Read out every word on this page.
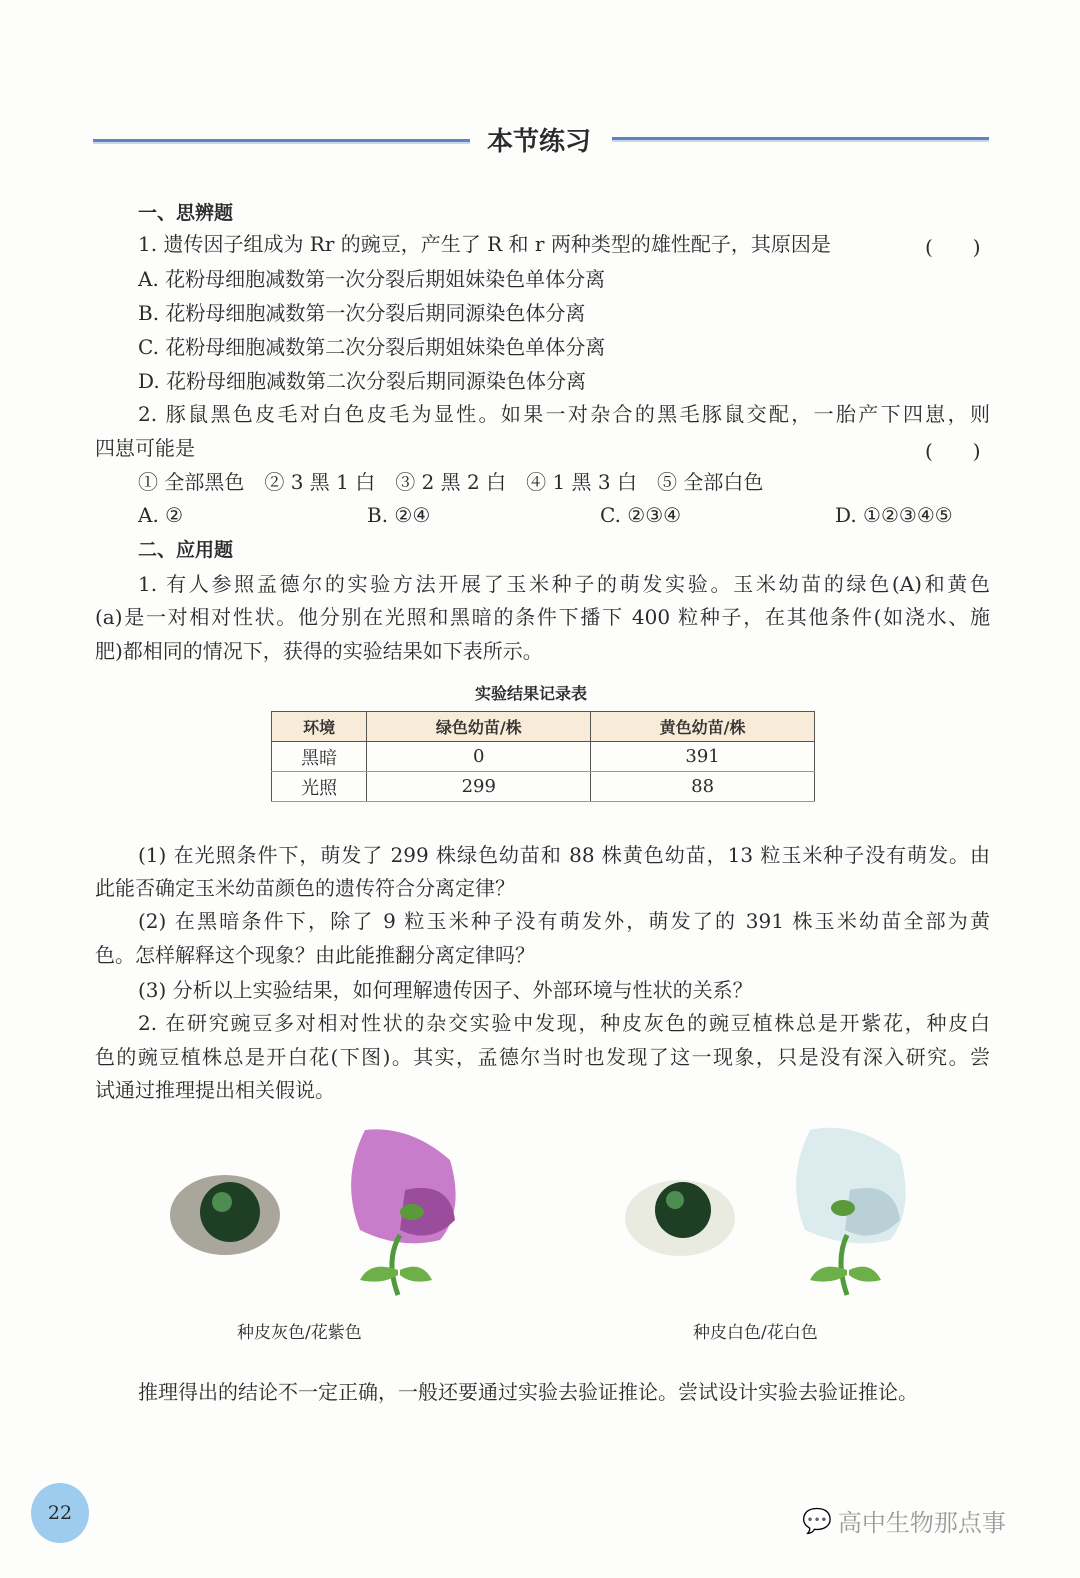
本节练习
一、思辨题
1. 遗传因子组成为 Rr 的豌豆，产生了 R 和 r 两种类型的雄性配子，其原因是	(　　)
A. 花粉母细胞减数第一次分裂后期姐妹染色单体分离
B. 花粉母细胞减数第一次分裂后期同源染色体分离
C. 花粉母细胞减数第二次分裂后期姐妹染色单体分离
D. 花粉母细胞减数第二次分裂后期同源染色体分离
2. 豚鼠黑色皮毛对白色皮毛为显性。如果一对杂合的黑毛豚鼠交配，一胎产下四崽，则
四崽可能是	(　　)
① 全部黑色　② 3 黑 1 白　③ 2 黑 2 白　④ 1 黑 3 白　⑤ 全部白色
A. ②	B. ②④	C. ②③④	D. ①②③④⑤
二、应用题
1. 有人参照孟德尔的实验方法开展了玉米种子的萌发实验。玉米幼苗的绿色(A)和黄色
(a)是一对相对性状。他分别在光照和黑暗的条件下播下 400 粒种子，在其他条件(如浇水、施
肥)都相同的情况下，获得的实验结果如下表所示。
实验结果记录表
环境	绿色幼苗/株	黄色幼苗/株
黑暗	0	391
光照	299	88
(1) 在光照条件下，萌发了 299 株绿色幼苗和 88 株黄色幼苗，13 粒玉米种子没有萌发。由
此能否确定玉米幼苗颜色的遗传符合分离定律？
(2) 在黑暗条件下，除了 9 粒玉米种子没有萌发外，萌发了的 391 株玉米幼苗全部为黄
色。怎样解释这个现象？由此能推翻分离定律吗？
(3) 分析以上实验结果，如何理解遗传因子、外部环境与性状的关系？
2. 在研究豌豆多对相对性状的杂交实验中发现，种皮灰色的豌豆植株总是开紫花，种皮白
色的豌豆植株总是开白花(下图)。其实，孟德尔当时也发现了这一现象，只是没有深入研究。尝
试通过推理提出相关假说。
种皮灰色/花紫色	种皮白色/花白色
推理得出的结论不一定正确，一般还要通过实验去验证推论。尝试设计实验去验证推论。
22	💬 高中生物那点事
